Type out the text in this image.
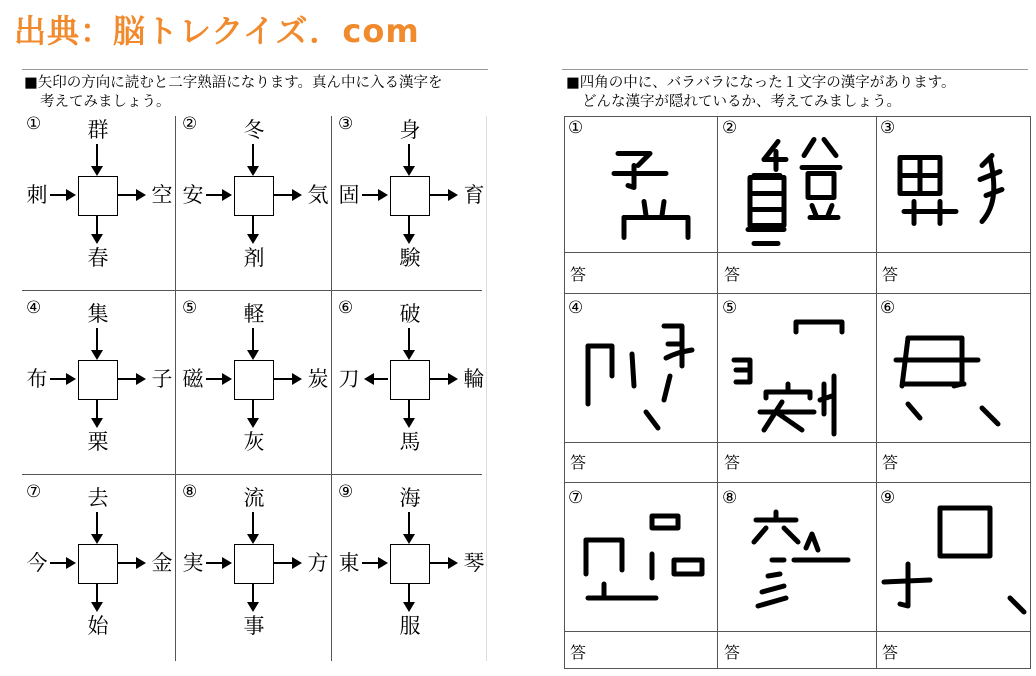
出典：脳トレクイズ．com
■矢印の方向に読むと二字熟語になります。真ん中に入る漢字を
考えてみましょう。
① 群
春
刺	空
② 冬
剤
安	気
③ 身
験
固	育
④ 集
栗
布	子
⑤ 軽
灰
磁	炭
⑥ 破
馬
刀	輪
⑦ 去
始
今	金
⑧ 流
事
実	方
⑨ 海
服
東	琴
■四角の中に、バラバラになった１文字の漢字があります。
どんな漢字が隠れているか、考えてみましょう。
①
答
②
答
③
答
④
答
⑤
答
⑥
答
⑦
答
⑧
答
⑨
答
